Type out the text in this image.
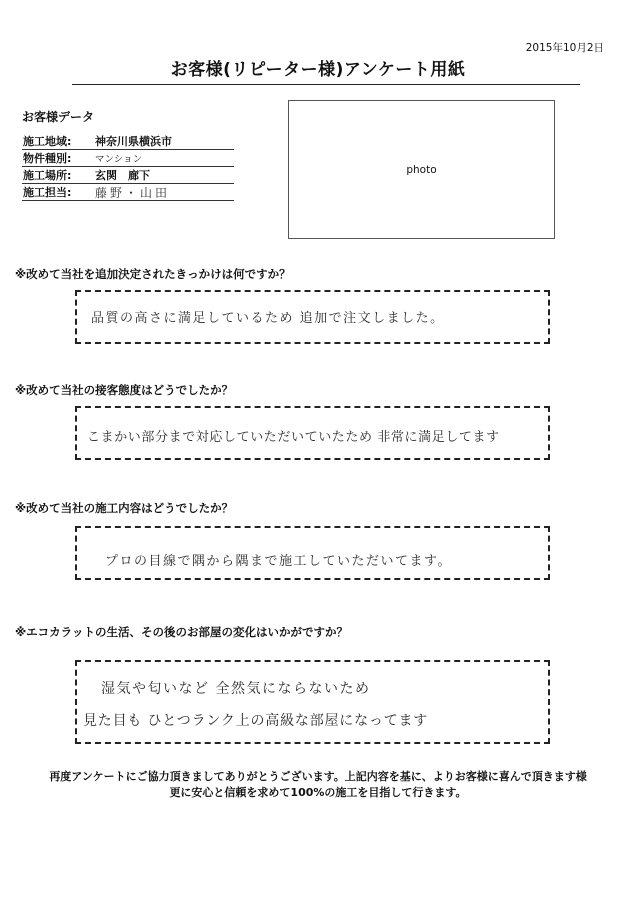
2015年10月2日
お客様(リピーター様)アンケート用紙
お客様データ
施工地域:	神奈川県横浜市
物件種別:	マンション
施工場所:	玄関　廊下
施工担当:	藤野・山田
photo
※改めて当社を追加決定されたきっかけは何ですか？
品質の高さに満足しているため 追加で注文しました。
※改めて当社の接客態度はどうでしたか？
こまかい部分まで対応していただいていたため 非常に満足してます
※改めて当社の施工内容はどうでしたか？
プロの目線で隅から隅まで施工していただいてます。
※エコカラットの生活、その後のお部屋の変化はいかがですか？
湿気や匂いなど 全然気にならないため
見た目も ひとつランク上の高級な部屋になってます
再度アンケートにご協力頂きましてありがとうございます。上記内容を基に、よりお客様に喜んで頂きます様
更に安心と信頼を求めて100%の施工を目指して行きます。
